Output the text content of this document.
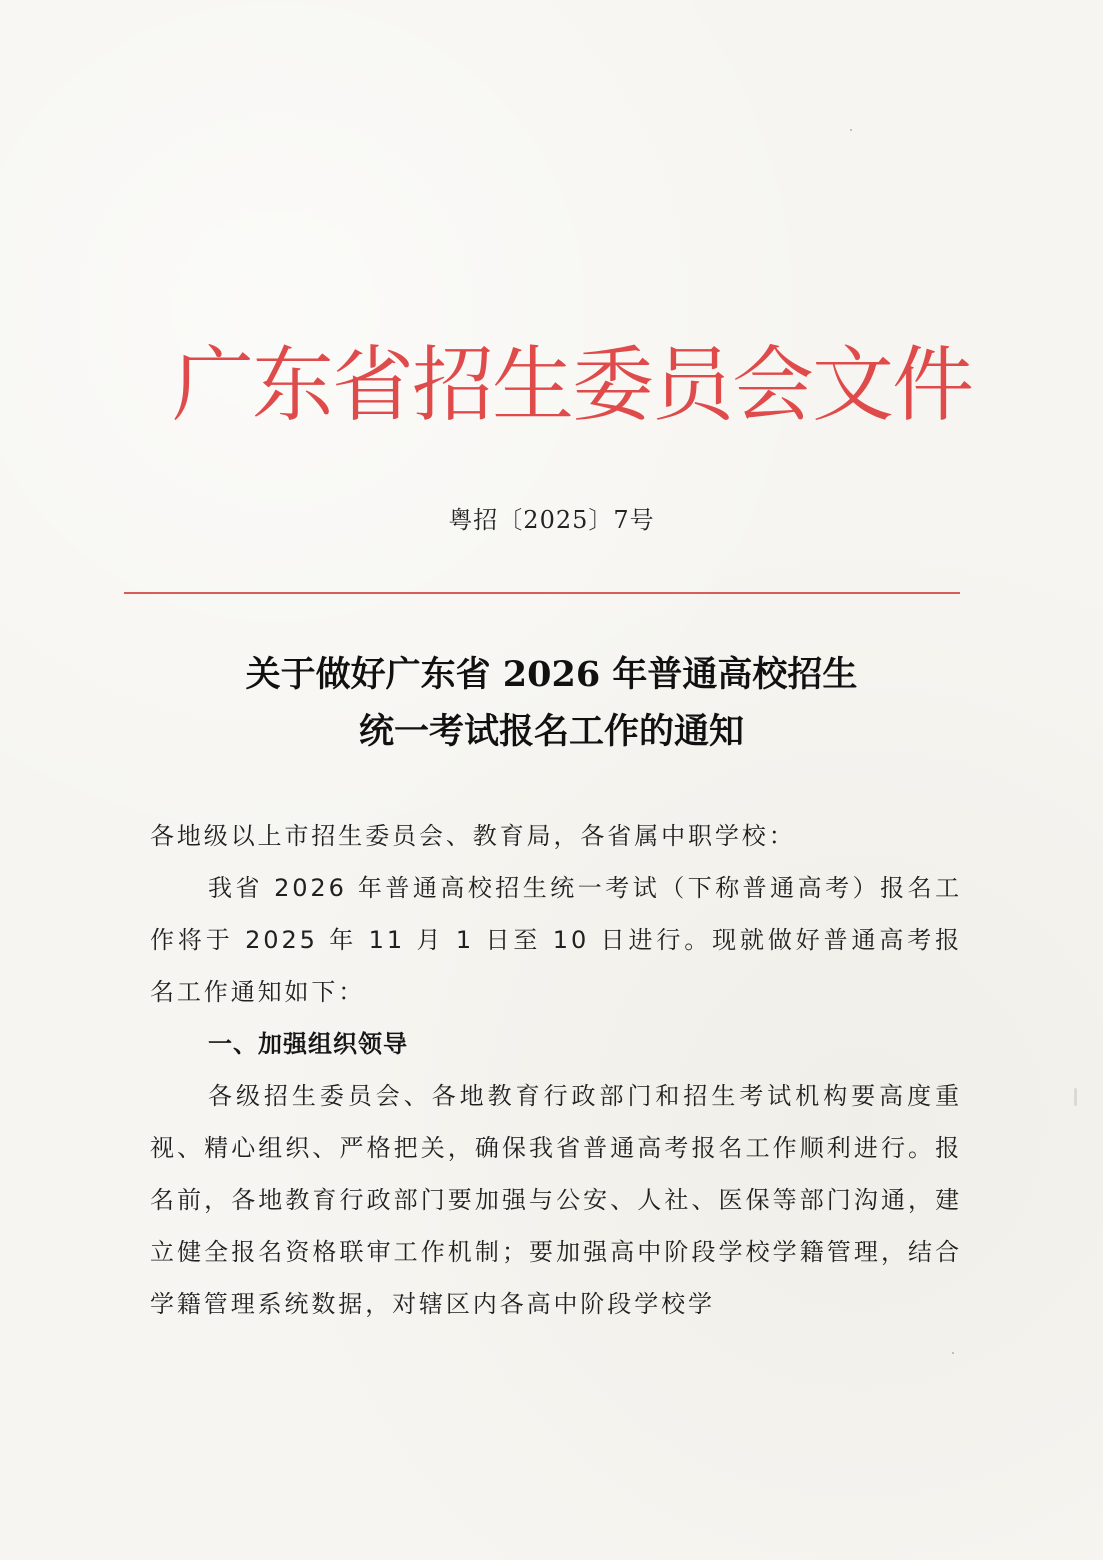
广东省招生委员会文件
粤招〔2025〕7号
关于做好广东省 2026 年普通高校招生
统一考试报名工作的通知

各地级以上市招生委员会、教育局，各省属中职学校：

我省 2026 年普通高校招生统一考试（下称普通高考）报名工作将于 2025 年 11 月 1 日至 10 日进行。现就做好普通高考报名工作通知如下：

一、加强组织领导

各级招生委员会、各地教育行政部门和招生考试机构要高度重视、精心组织、严格把关，确保我省普通高考报名工作顺利进行。报名前，各地教育行政部门要加强与公安、人社、医保等部门沟通，建立健全报名资格联审工作机制；要加强高中阶段学校学籍管理，结合学籍管理系统数据，对辖区内各高中阶段学校学
